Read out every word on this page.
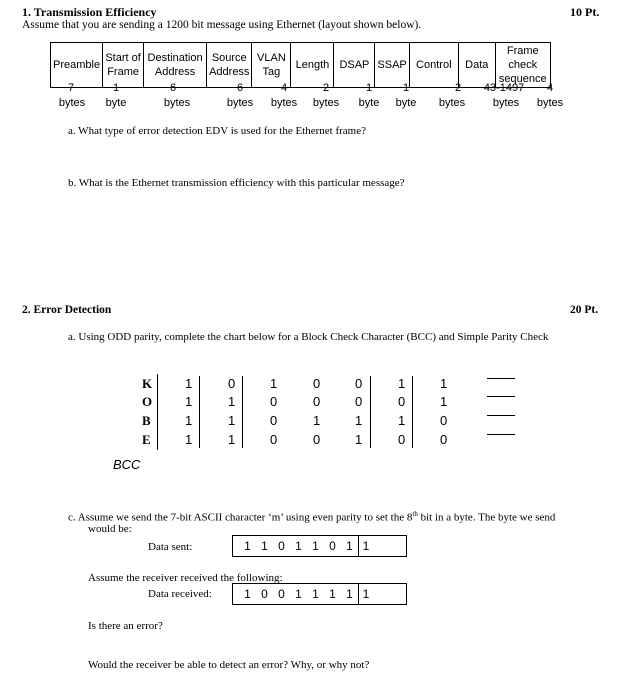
1. Transmission Efficiency	10 Pt.
Assume that you are sending a 1200 bit message using Ethernet (layout shown below).
Preamble	Start of Frame	Destination Address	Source Address	VLAN Tag	Length	DSAP	SSAP	Control	Data	Frame check sequence
7	1	6	6	4	2	1	1	2	43-1497	4
bytes	byte	bytes	bytes	bytes	bytes	byte	byte	bytes	bytes	bytes
a. What type of error detection EDV is used for the Ethernet frame?
b. What is the Ethernet transmission efficiency with this particular message?
2. Error Detection	20 Pt.
a. Using ODD parity, complete the chart below for a Block Check Character (BCC) and Simple Parity Check
K	1	0	1	0	0	1	1
O	1	1	0	0	0	0	1
B	1	1	0	1	1	1	0
E	1	1	0	0	1	0	0
BCC
c. Assume we send the 7-bit ASCII character ‘m’ using even parity to set the 8th bit in a byte. The byte we send
would be:
Data sent:	1 1 0 1 1 0 1 1
Assume the receiver received the following:
Data received:	1 0 0 1 1 1 1 1
Is there an error?
Would the receiver be able to detect an error? Why, or why not?
